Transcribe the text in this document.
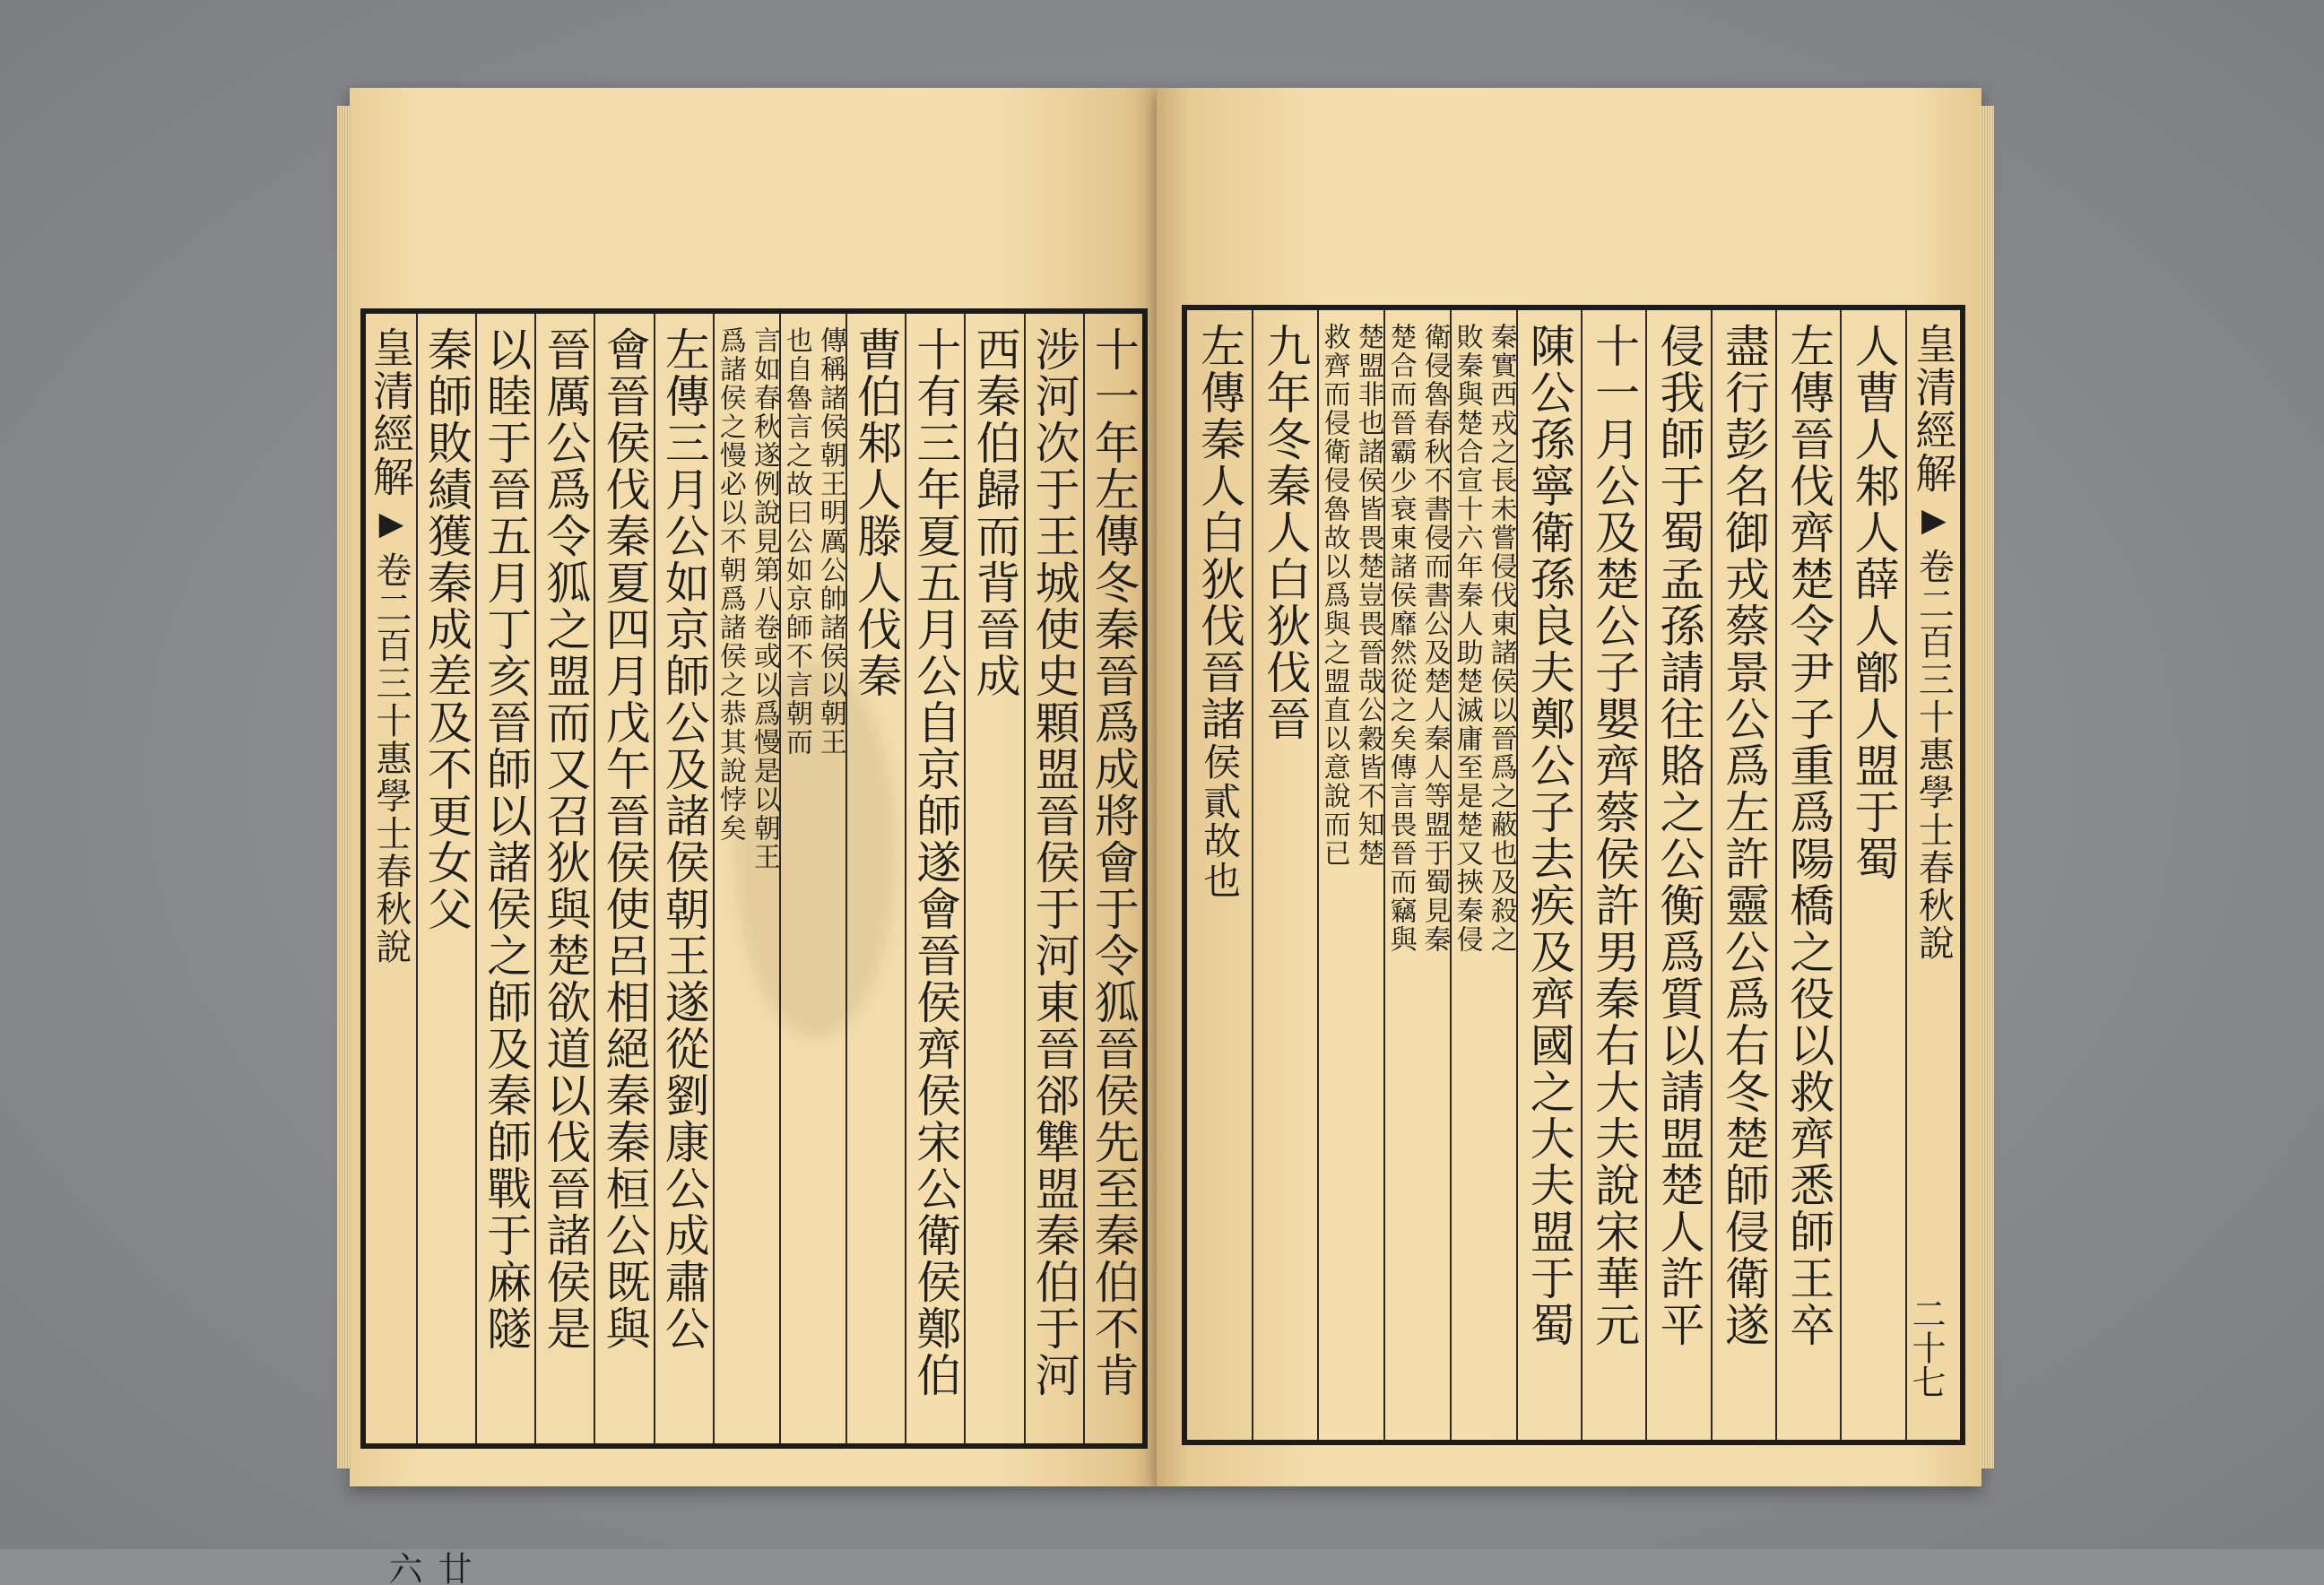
十一年左傳冬秦晉爲成將會于令狐晉侯先至秦伯不肯
涉河次于王城使史顆盟晉侯于河東晉郤犨盟秦伯于河
西秦伯歸而背晉成
十有三年夏五月公自京師遂會晉侯齊侯宋公衛侯鄭伯
曹伯邾人滕人伐秦
傳稱諸侯朝王明厲公帥諸侯以朝王
也自魯言之故曰公如京師不言朝而
言如春秋遂例說見第八卷或以爲慢是以朝王
爲諸侯之慢必以不朝爲諸侯之恭其說悖矣
左傳三月公如京師公及諸侯朝王遂從劉康公成肅公
會晉侯伐秦夏四月戊午晉侯使呂相絕秦秦桓公既與
晉厲公爲令狐之盟而又召狄與楚欲道以伐晉諸侯是
以睦于晉五月丁亥晉師以諸侯之師及秦師戰于麻隧
秦師敗績獲秦成差及不更女父
皇清經解▶卷二百三十惠學士春秋說
廿六
皇清經解▶卷二百三十惠學士春秋說
人曹人邾人薛人鄫人盟于蜀
左傳晉伐齊楚令尹子重爲陽橋之役以救齊悉師王卒
盡行彭名御戎蔡景公爲左許靈公爲右冬楚師侵衛遂
侵我師于蜀孟孫請往賂之公衡爲質以請盟楚人許平
十一月公及楚公子嬰齊蔡侯許男秦右大夫說宋華元
陳公孫寧衛孫良夫鄭公子去疾及齊國之大夫盟于蜀
秦實西戎之長未嘗侵伐東諸侯以晉爲之蔽也及殺之
敗秦與楚合宣十六年秦人助楚滅庸至是楚又挾秦侵
衛侵魯春秋不書侵而書公及楚人秦人等盟于蜀見秦
楚合而晉霸少衰東諸侯靡然從之矣傳言畏晉而竊與
楚盟非也諸侯皆畏楚豈畏晉哉公穀皆不知楚
救齊而侵衛侵魯故以爲與之盟直以意說而已
九年冬秦人白狄伐晉
左傳秦人白狄伐晉諸侯貳故也
二十七
